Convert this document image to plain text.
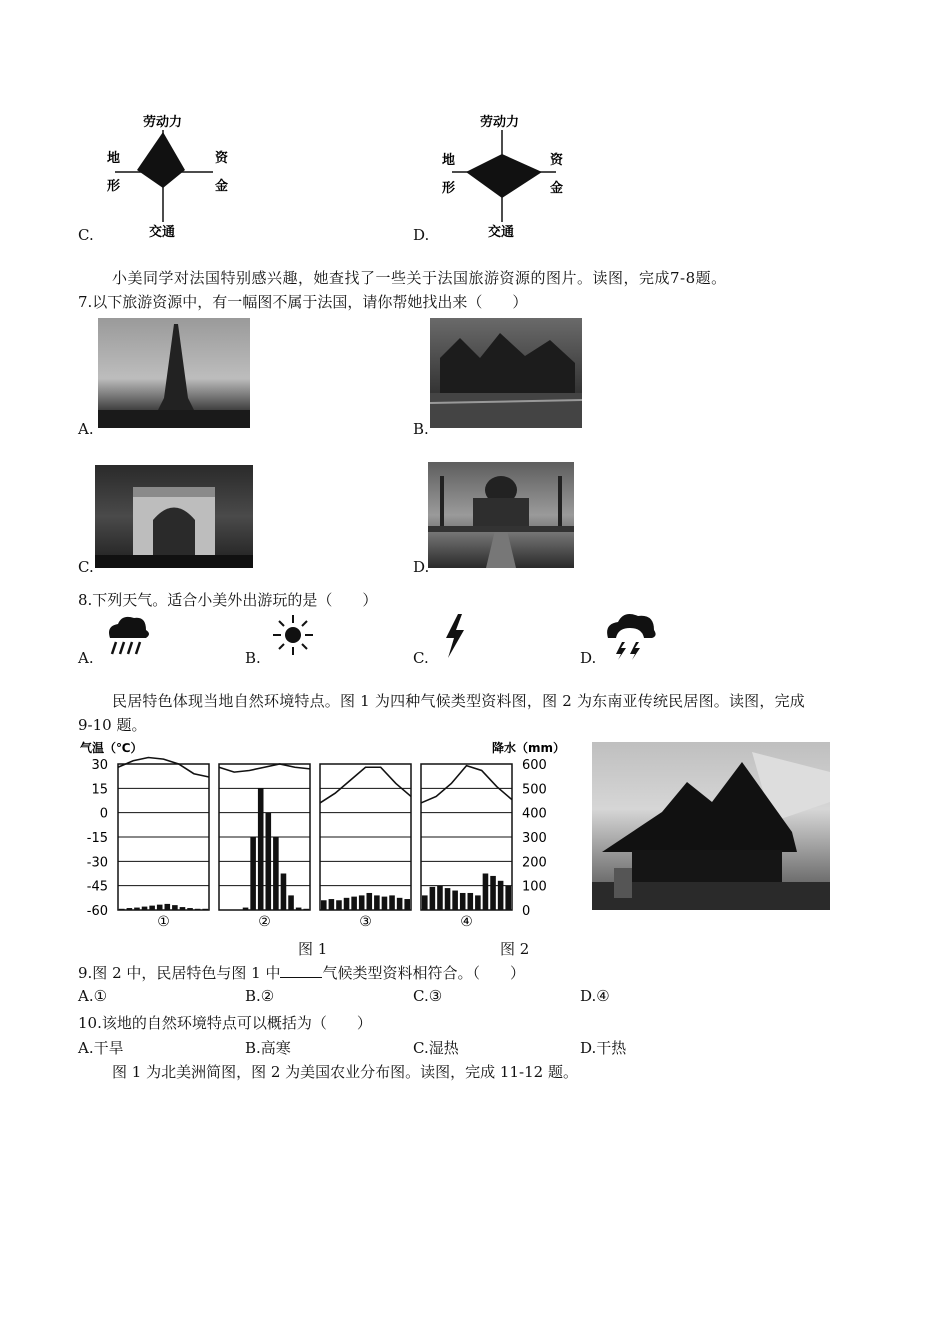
劳动力
地
形
资
金
交通
C.
劳动力
地
形
资
金
交通
D.
小美同学对法国特别感兴趣，她查找了一些关于法国旅游资源的图片。读图，完成7-8题。
7.以下旅游资源中，有一幅图不属于法国，请你帮她找出来（　　）
A.	B.
C.	D.
8.下列天气。适合小美外出游玩的是（　　）
A.	B.	C.	D.
民居特色体现当地自然环境特点。图 1 为四种气候类型资料图，图 2 为东南亚传统民居图。读图，完成
9-10 题。
气温（℃）	降水（mm）
30
15
0
-15
-30
-45
-60
600
500
400
300
200
100
0
①	②	③	④
图 1	图 2
9.图 2 中，民居特色与图 1 中	气候类型资料相符合。（　　）
A.①	B.②	C.③	D.④
10.该地的自然环境特点可以概括为（　　）
A.干旱	B.高寒	C.湿热	D.干热
图 1 为北美洲简图，图 2 为美国农业分布图。读图，完成 11-12 题。
